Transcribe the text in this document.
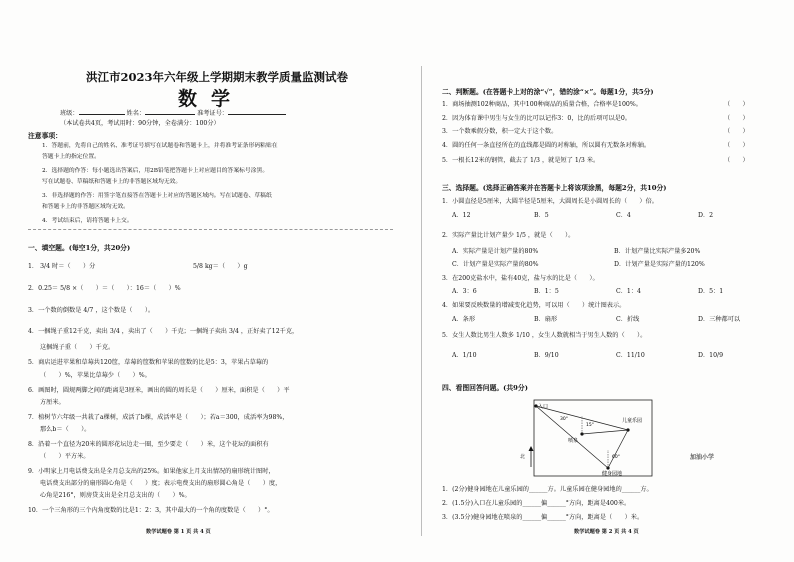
洪江市2023年六年级上学期期末教学质量监测试卷
数学
班级：	姓名：	准考证号：
（本试卷共4页，考试用时：90分钟，全卷满分：100分）
注意事项：
1．答题前，先将自己的姓名、准考证号填写在试题卷和答题卡上，并将准考证条形码粘贴在
答题卡上的指定位置。
2．选择题的作答：每小题选出答案后，用2B铅笔把答题卡上对应题目的答案标号涂黑。
写在试题卷、草稿纸和答题卡上的非答题区域均无效。
3．非选择题的作答：用签字笔直接答在答题卡上对应的答题区域内。写在试题卷、草稿纸
和答题卡上的非答题区域均无效。
4．考试结束后，请将答题卡上交。
一、填空题。(每空1分，共20分)
1． 3/4 时＝（　　）分	5/8 kg＝（　　）g
2．0.25＝ 5/8 ×（　　）＝（　　）：16＝（　　）%
3．一个数的倒数是 4/7 ，这个数是（　　）。
4．一捆绳子重12千克，卖出 3/4 ，卖出了（　　）千克；一捆绳子卖出 3/4 ，正好卖了12千克，
这捆绳子重（　　）千克。
5．商店运进苹果和草莓共120筐，草莓的筐数和苹果的筐数的比是5：3，苹果占草莓的
（　　）%，苹果比草莓少（　　）%。
6．画图时，圆规两脚之间的距离是3厘米，画出的圆的周长是（　　）厘米，面积是（　　）平
方厘米。
7．植树节六年级一共栽了a棵树，成活了b棵，成活率是（　　）；若a＝300，成活率为98%，
那么b＝（　　）。
8．沿着一个直径为20米的圆形花坛边走一圈，至少要走（　　）米，这个花坛的面积有
（　　）平方米。
9．小明家上月电话费支出是全月总支出的25%。如果他家上月支出情况的扇形统计图时，
电话费支出部分的扇形圆心角是（　　）度；表示电费支出的扇形圆心角是（　　）度，
心角是216°，则房贷支出是全月总支出的（　　）%。
10．一个三角形的三个内角度数的比是1：2：3，其中最大的一个角的度数是（　　）°。
数学试题卷 第 1 页 共 4 页
二、判断题。(在答题卡上对的涂“√”，错的涂“×”。每题1分，共5分)
1．商场抽测102种商品，其中100种商品的质量合格，合格率是100%。	（　　）
2．因为体育课中男生与女生的比可以记作3：0，比的后项可以是0。	（　　）
3．一个数乘假分数，积一定大于这个数。	（　　）
4．圆的任何一条直径所在的直线都是圆的对称轴，所以圆有无数条对称轴。	（　　）
5．一根长12米的钢管，截去了 1/3 ，就是短了 1/3 米。	（　　）
三、选择题。(选择正确答案并在答题卡上将该项涂黑，每题2分，共10分)
1．小圆直径是5厘米，大圆半径是5厘米，大圆周长是小圆周长的（　　）倍。
A．12	B．5	C．4	D．2
2．实际产量比计划产量少 1/5 ，就是（　　）。
A．实际产量是计划产量的80%	B．计划产量比实际产量多20%
C．计划产量是实际产量的80%	D．计划产量是实际产量的120%
3．在200克盐水中，盐有40克，盐与水的比是（　　）。
A．3：6	B．1：5	C．1：4	D．5：1
4．如果要反映数量的增减变化趋势，可以用（　　）统计图表示。
A．条形	B．扇形	C．折线	D．三种都可以
5．女生人数比男生人数多 1/10 ，女生人数就相当于男生人数的（　　）。
A．1/10	B．9/10	C．11/10	D．10/9
四、看图回答问题。(共9分)
入口
儿童乐园
喷泉
健身园地
15°
60°
30°
北
1．(2分)健身园地在儿童乐园的______方。儿童乐园在健身园地的______方。
2．(1.5分)入口在儿童乐园的______偏______°方向，距离是400米。
3．(3.5分)健身园地在喷泉的______偏______°方向，距离是（　　）米。
数学试题卷 第 2 页 共 4 页
加油小学
